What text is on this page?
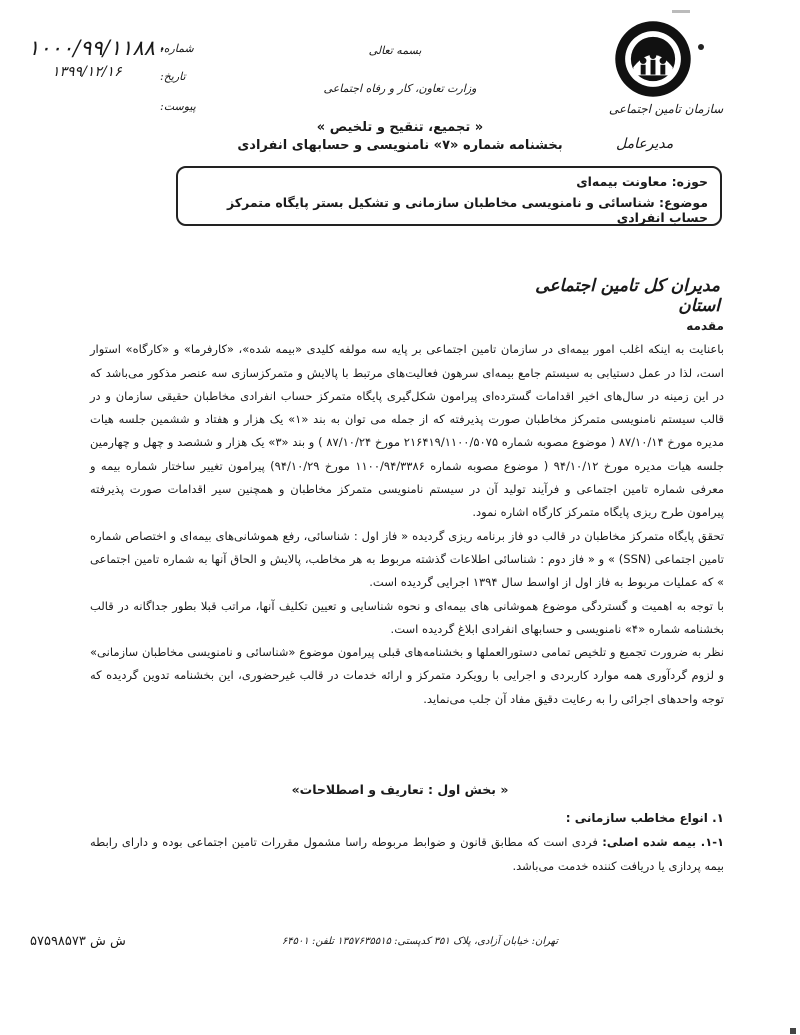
سازمان تامین اجتماعی
مدیرعامل
بسمه تعالی
وزارت تعاون، کار و رفاه اجتماعی
« تجمیع، تنقیح و تلخیص »
بخشنامه شماره «۷» نامنویسی و حسابهای انفرادی
شماره:
تاریخ:
پیوست:
۱۰۰۰/۹۹/۱۱۸۸۰
۱۳۹۹/۱۲/۱۶
حوزه: معاونت بیمه‌ای
موضوع: شناسائی و نامنویسی مخاطبان سازمانی و تشکیل بستر پایگاه متمرکز حساب انفرادی
مدیران کل تامین اجتماعی استان

مقدمه

باعنایت به اینکه اغلب امور بیمه‌ای در سازمان تامین اجتماعی بر پایه سه مولفه کلیدی «بیمه شده»، «کارفرما» و «کارگاه» استوار است، لذا در عمل دستیابی به سیستم جامع بیمه‌ای سرهون فعالیت‌های مرتبط با پالایش و متمرکزسازی سه عنصر مذکور می‌باشد که در این زمینه در سال‌های اخیر اقدامات گسترده‌ای پیرامون شکل‌گیری پایگاه متمرکز حساب انفرادی مخاطبان حقیقی سازمان و در قالب سیستم نامنویسی متمرکز مخاطبان صورت پذیرفته که از جمله می توان به بند «۱» یک هزار و هفتاد و ششمین جلسه هیات مدیره مورخ ۸۷/۱۰/۱۴ ( موضوع مصوبه شماره ۲۱۶۴۱۹/۱۱۰۰/۵۰۷۵ مورخ ۸۷/۱۰/۲۴ ) و بند «۳» یک هزار و ششصد و چهل و چهارمین جلسه هیات مدیره مورخ ۹۴/۱۰/۱۲ ( موضوع مصوبه شماره ۱۱۰۰/۹۴/۳۳۸۶ مورخ ۹۴/۱۰/۲۹) پیرامون تغییر ساختار شماره بیمه و معرفی شماره تامین اجتماعی و فرآیند تولید آن در سیستم نامنویسی متمرکز مخاطبان و همچنین سیر اقدامات صورت پذیرفته پیرامون طرح ریزی پایگاه متمرکز کارگاه اشاره نمود.

تحقق پایگاه متمرکز مخاطبان در قالب دو فاز برنامه ریزی گردیده « فاز اول : شناسائی، رفع هموشانی‌های بیمه‌ای و اختصاص شماره تامین اجتماعی (SSN) » و « فاز دوم : شناسائی اطلاعات گذشته مربوط به هر مخاطب، پالایش و الحاق آنها به شماره تامین اجتماعی » که عملیات مربوط به فاز اول از اواسط سال ۱۳۹۴ اجرایی گردیده است.

با توجه به اهمیت و گستردگی موضوع هموشانی های بیمه‌ای و نحوه شناسایی و تعیین تکلیف آنها، مراتب قبلا بطور جداگانه در قالب بخشنامه شماره «۴» نامنویسی و حسابهای انفرادی ابلاغ گردیده است.

نظر به ضرورت تجمیع و تلخیص تمامی دستورالعملها و بخشنامه‌های قبلی پیرامون موضوع «شناسائی و نامنویسی مخاطبان سازمانی» و لزوم گردآوری همه موارد کاربردی و اجرایی با رویکرد متمرکز و ارائه خدمات در قالب غیرحضوری، این بخشنامه تدوین گردیده که توجه واحدهای اجرائی را به رعایت دقیق مفاد آن جلب می‌نماید.

« بخش اول : تعاریف و اصطلاحات»

۱. انواع مخاطب سازمانی :

۱-۱. بیمه شده اصلی: فردی است که مطابق قانون و ضوابط مربوطه راسا مشمول مقررات تامین اجتماعی بوده و دارای رابطه بیمه پردازی یا دریافت کننده خدمت می‌باشد.

تهران: خیابان آزادی، پلاک ۳۵۱ کدپستی: ۱۳۵۷۶۳۵۵۱۵ تلفن: ۶۴۵۰۱
ش ش ۵۷۵۹۸۵۷۳
